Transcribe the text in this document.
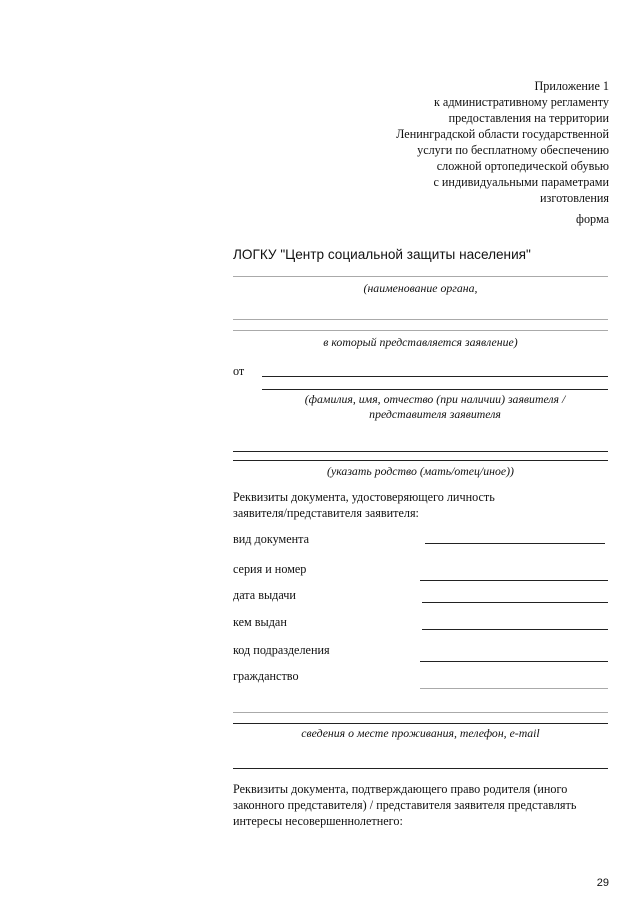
Приложение 1
к административному регламенту
предоставления на территории
Ленинградской области государственной
услуги по бесплатному обеспечению
сложной ортопедической обувью
с индивидуальными параметрами
изготовления
форма
ЛОГКУ "Центр социальной защиты населения"
(наименование органа,
в который представляется заявление)
от
(фамилия, имя, отчество (при наличии) заявителя /
представителя заявителя
(указать родство (мать/отец/иное))
Реквизиты документа, удостоверяющего личность
заявителя/представителя заявителя:
вид документа
серия и номер
дата выдачи
кем выдан
код подразделения
гражданство
сведения о месте проживания, телефон, e-mail
Реквизиты документа, подтверждающего право родителя (иного
законного представителя) / представителя заявителя представлять
интересы несовершеннолетнего:
29
